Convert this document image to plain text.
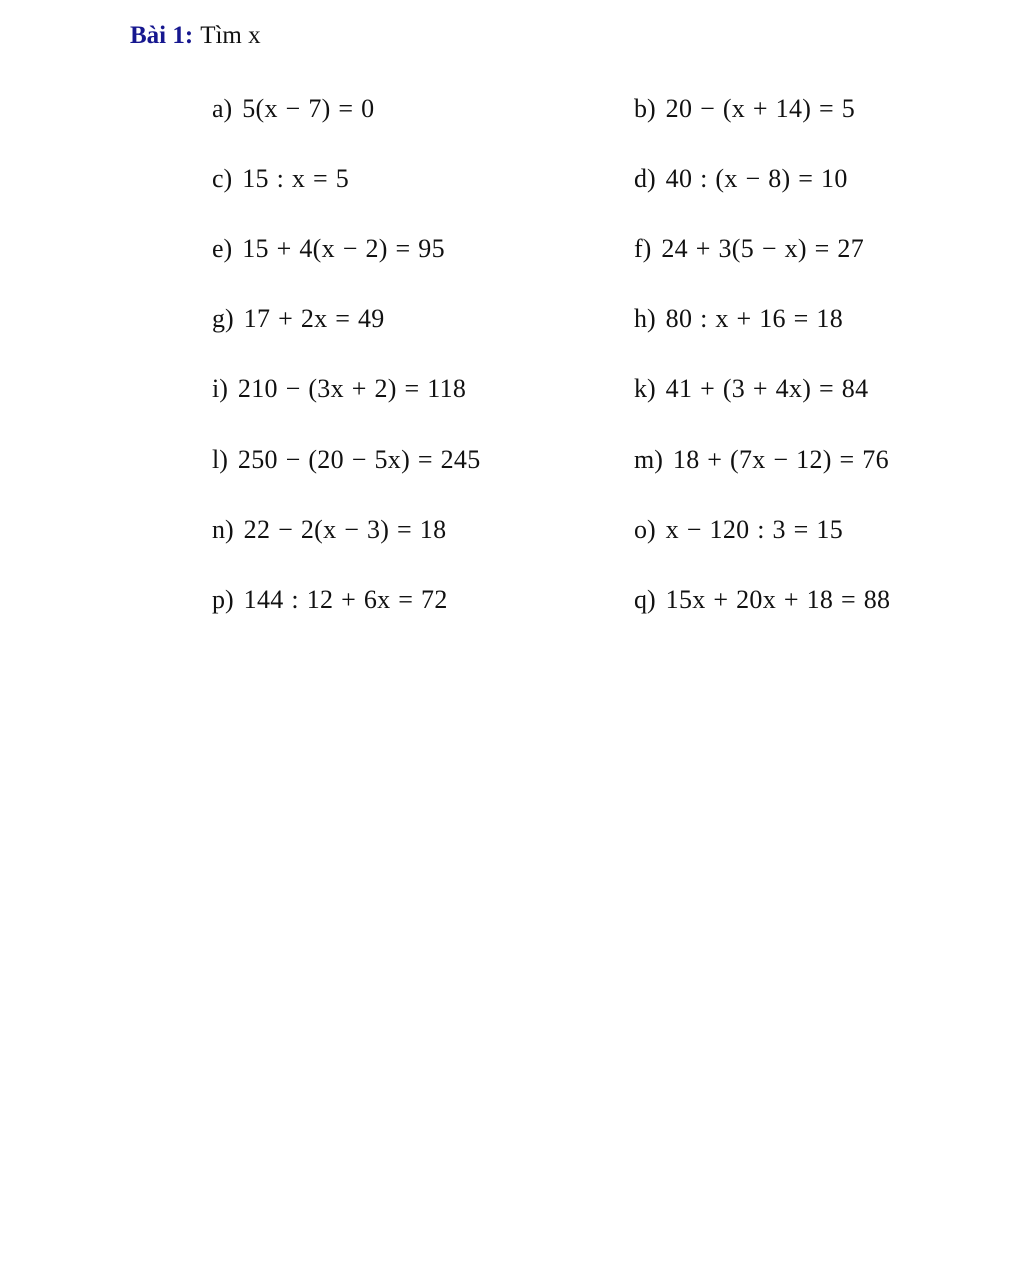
Bài 1: Tìm x
a) 5(x − 7) = 0	b) 20 − (x + 14) = 5
c) 15 : x = 5	d) 40 : (x − 8) = 10
e) 15 + 4(x − 2) = 95	f) 24 + 3(5 − x) = 27
g) 17 + 2x = 49	h) 80 : x + 16 = 18
i) 210 − (3x + 2) = 118	k) 41 + (3 + 4x) = 84
l) 250 − (20 − 5x) = 245	m) 18 + (7x − 12) = 76
n) 22 − 2(x − 3) = 18	o) x − 120 : 3 = 15
p) 144 : 12 + 6x = 72	q) 15x + 20x + 18 = 88
